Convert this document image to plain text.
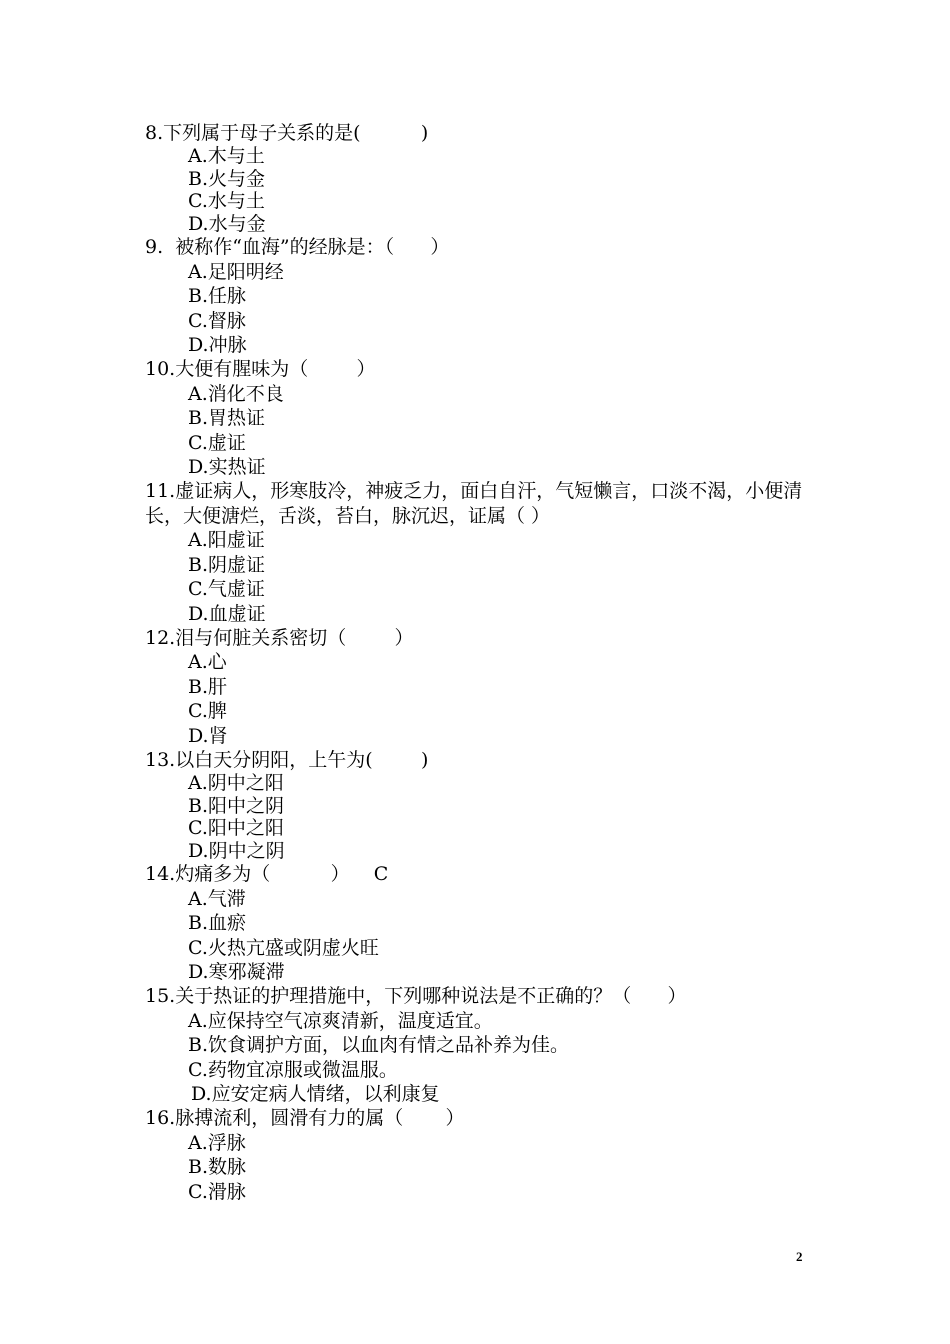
8.下列属于母子关系的是(          )
A.木与土
B.火与金
C.水与土
D.水与金
9.  被称作“血海”的经脉是：（      ）
A.足阳明经
B.任脉
C.督脉
D.冲脉
10.大便有腥味为（        ）
A.消化不良
B.胃热证
C.虚证
D.实热证
11.虚证病人，形寒肢冷，神疲乏力，面白自汗，气短懒言，口淡不渴，小便清长，大便溏烂，舌淡，苔白，脉沉迟，证属（ ）
A.阳虚证
B.阴虚证
C.气虚证
D.血虚证
12.泪与何脏关系密切（        ）
A.心
B.肝
C.脾
D.肾
13.以白天分阴阳，上午为(        )
A.阴中之阳
B.阳中之阴
C.阳中之阳
D.阴中之阴
14.灼痛多为（          ）    C
A.气滞
B.血瘀
C.火热亢盛或阴虚火旺
D.寒邪凝滞
15.关于热证的护理措施中，下列哪种说法是不正确的？（      ）
A.应保持空气凉爽清新，温度适宜。
B.饮食调护方面，以血肉有情之品补养为佳。
C.药物宜凉服或微温服。
D.应安定病人情绪，以利康复
16.脉搏流利，圆滑有力的属（       ）
A.浮脉
B.数脉
C.滑脉
2
